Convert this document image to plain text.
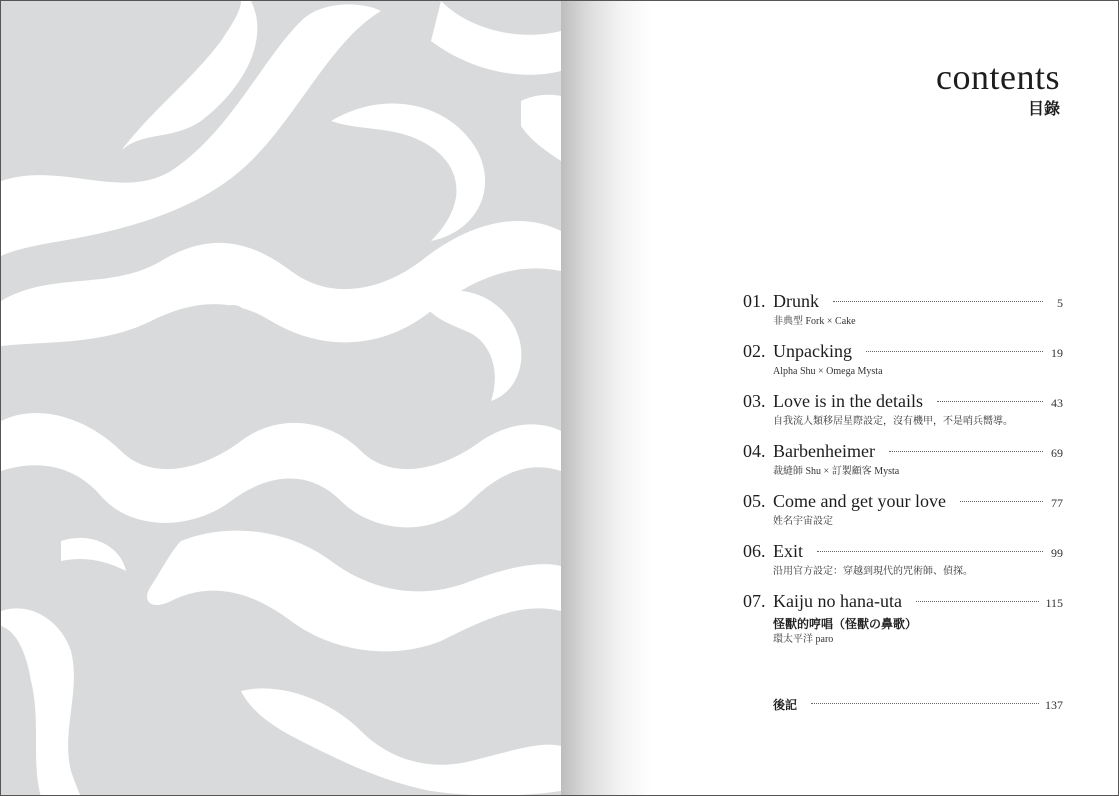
contents
目錄
01. Drunk	5
非典型 Fork × Cake
02. Unpacking	19
Alpha Shu × Omega Mysta
03. Love is in the details	43
自我流人類移居星際設定，沒有機甲，不是哨兵嚮導。
04. Barbenheimer	69
裁縫師 Shu × 訂製顧客 Mysta
05. Come and get your love	77
姓名宇宙設定
06. Exit	99
沿用官方設定：穿越到現代的咒術師、偵探。
07. Kaiju no hana-uta	115
怪獸的哼唱（怪獸の鼻歌）
環太平洋 paro
後記	137
